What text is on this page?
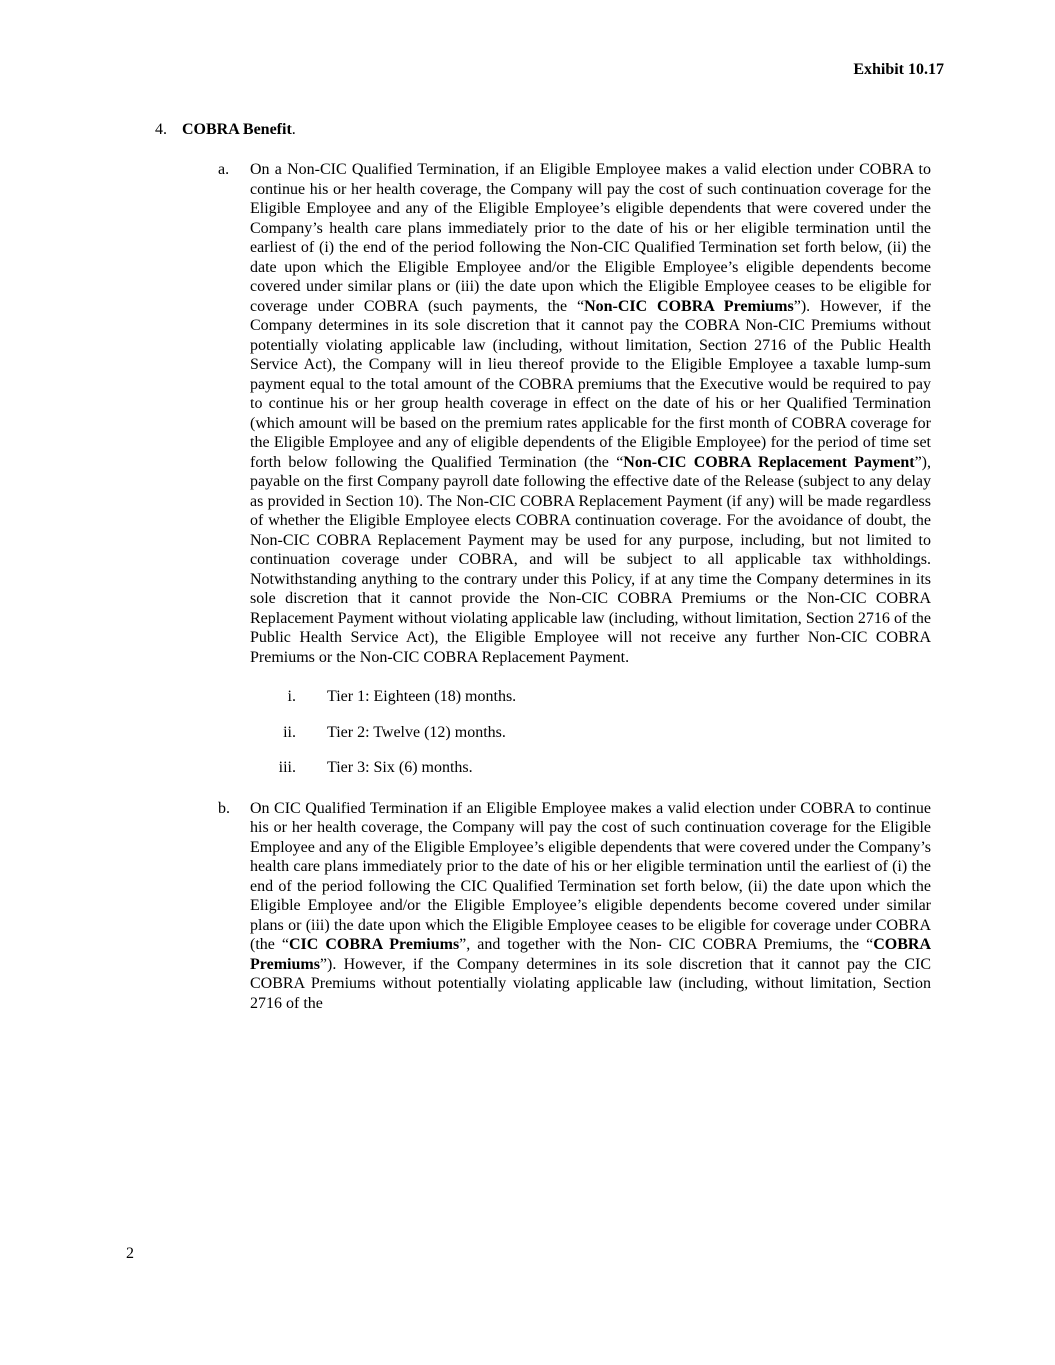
Exhibit 10.17
4. COBRA Benefit.
a.	On a Non-CIC Qualified Termination, if an Eligible Employee makes a valid election under COBRA to continue his or her health coverage, the Company will pay the cost of such continuation coverage for the Eligible Employee and any of the Eligible Employee’s eligible dependents that were covered under the Company’s health care plans immediately prior to the date of his or her eligible termination until the earliest of (i) the end of the period following the Non-CIC Qualified Termination set forth below, (ii) the date upon which the Eligible Employee and/or the Eligible Employee’s eligible dependents become covered under similar plans or (iii) the date upon which the Eligible Employee ceases to be eligible for coverage under COBRA (such payments, the “Non-CIC COBRA Premiums”). However, if the Company determines in its sole discretion that it cannot pay the COBRA Non-CIC Premiums without potentially violating applicable law (including, without limitation, Section 2716 of the Public Health Service Act), the Company will in lieu thereof provide to the Eligible Employee a taxable lump-sum payment equal to the total amount of the COBRA premiums that the Executive would be required to pay to continue his or her group health coverage in effect on the date of his or her Qualified Termination (which amount will be based on the premium rates applicable for the first month of COBRA coverage for the Eligible Employee and any of eligible dependents of the Eligible Employee) for the period of time set forth below following the Qualified Termination (the “Non-CIC COBRA Replacement Payment”), payable on the first Company payroll date following the effective date of the Release (subject to any delay as provided in Section 10). The Non-CIC COBRA Replacement Payment (if any) will be made regardless of whether the Eligible Employee elects COBRA continuation coverage. For the avoidance of doubt, the Non-CIC COBRA Replacement Payment may be used for any purpose, including, but not limited to continuation coverage under COBRA, and will be subject to all applicable tax withholdings. Notwithstanding anything to the contrary under this Policy, if at any time the Company determines in its sole discretion that it cannot provide the Non-CIC COBRA Premiums or the Non-CIC COBRA Replacement Payment without violating applicable law (including, without limitation, Section 2716 of the Public Health Service Act), the Eligible Employee will not receive any further Non-CIC COBRA Premiums or the Non-CIC COBRA Replacement Payment.
i. Tier 1: Eighteen (18) months.
ii. Tier 2: Twelve (12) months.
iii. Tier 3: Six (6) months.
b.	On CIC Qualified Termination if an Eligible Employee makes a valid election under COBRA to continue his or her health coverage, the Company will pay the cost of such continuation coverage for the Eligible Employee and any of the Eligible Employee’s eligible dependents that were covered under the Company’s health care plans immediately prior to the date of his or her eligible termination until the earliest of (i) the end of the period following the CIC Qualified Termination set forth below, (ii) the date upon which the Eligible Employee and/or the Eligible Employee’s eligible dependents become covered under similar plans or (iii) the date upon which the Eligible Employee ceases to be eligible for coverage under COBRA (the “CIC COBRA Premiums”, and together with the Non- CIC COBRA Premiums, the “COBRA Premiums”). However, if the Company determines in its sole discretion that it cannot pay the CIC COBRA Premiums without potentially violating applicable law (including, without limitation, Section 2716 of the
2
